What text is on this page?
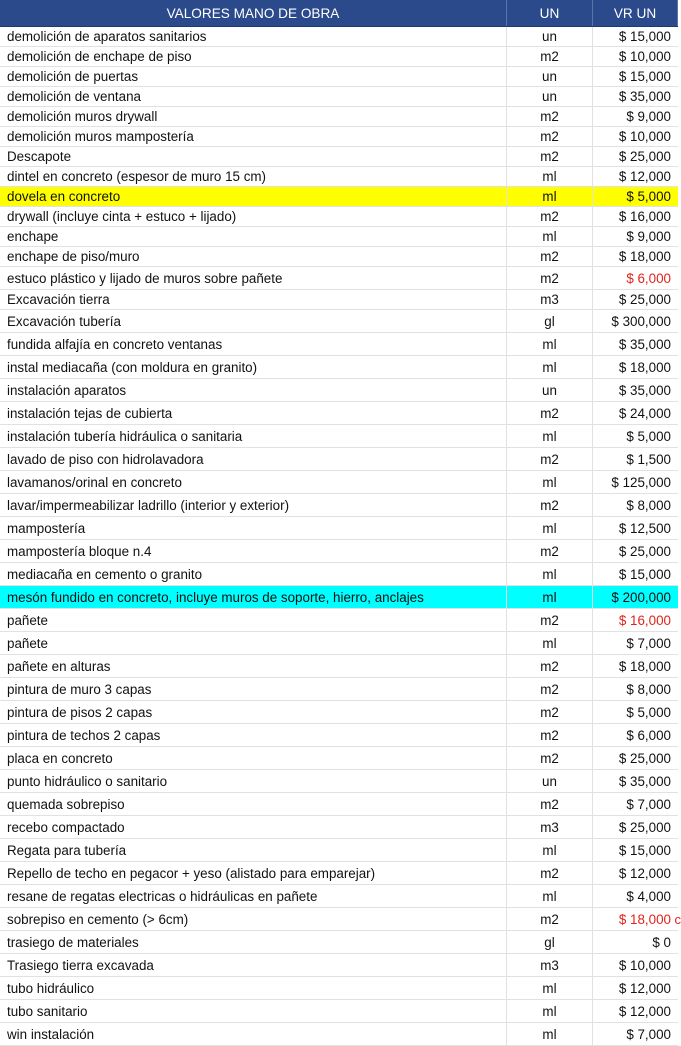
VALORES MANO DE OBRA	UN	VR UN
demolición de aparatos sanitarios	un	$ 15,000
demolición de enchape de piso	m2	$ 10,000
demolición de puertas	un	$ 15,000
demolición de ventana	un	$ 35,000
demolición muros drywall	m2	$ 9,000
demolición muros mampostería	m2	$ 10,000
Descapote	m2	$ 25,000
dintel en concreto (espesor de muro 15 cm)	ml	$ 12,000
dovela en concreto	ml	$ 5,000
drywall (incluye cinta + estuco + lijado)	m2	$ 16,000
enchape	ml	$ 9,000
enchape de piso/muro	m2	$ 18,000
estuco plástico y lijado de muros sobre pañete	m2	$ 6,000
Excavación tierra	m3	$ 25,000
Excavación tubería	gl	$ 300,000
fundida alfajía en concreto ventanas	ml	$ 35,000
instal mediacaña (con moldura en granito)	ml	$ 18,000
instalación aparatos	un	$ 35,000
instalación tejas de cubierta	m2	$ 24,000
instalación tubería hidráulica o sanitaria	ml	$ 5,000
lavado de piso con hidrolavadora	m2	$ 1,500
lavamanos/orinal en concreto	ml	$ 125,000
lavar/impermeabilizar ladrillo (interior y exterior)	m2	$ 8,000
mampostería	ml	$ 12,500
mampostería bloque n.4	m2	$ 25,000
mediacaña en cemento o granito	ml	$ 15,000
mesón fundido en concreto, incluye muros de soporte, hierro, anclajes	ml	$ 200,000
pañete	m2	$ 16,000
pañete	ml	$ 7,000
pañete en alturas	m2	$ 18,000
pintura de muro 3 capas	m2	$ 8,000
pintura de pisos 2 capas	m2	$ 5,000
pintura de techos 2 capas	m2	$ 6,000
placa en concreto	m2	$ 25,000
punto hidráulico o sanitario	un	$ 35,000
quemada sobrepiso	m2	$ 7,000
recebo compactado	m3	$ 25,000
Regata para tubería	ml	$ 15,000
Repello de techo en pegacor + yeso (alistado para emparejar)	m2	$ 12,000
resane de regatas electricas o hidráulicas en pañete	ml	$ 4,000
sobrepiso en cemento (> 6cm)	m2	$ 18,000 c
trasiego de materiales	gl	$ 0
Trasiego tierra excavada	m3	$ 10,000
tubo hidráulico	ml	$ 12,000
tubo sanitario	ml	$ 12,000
win instalación	ml	$ 7,000
